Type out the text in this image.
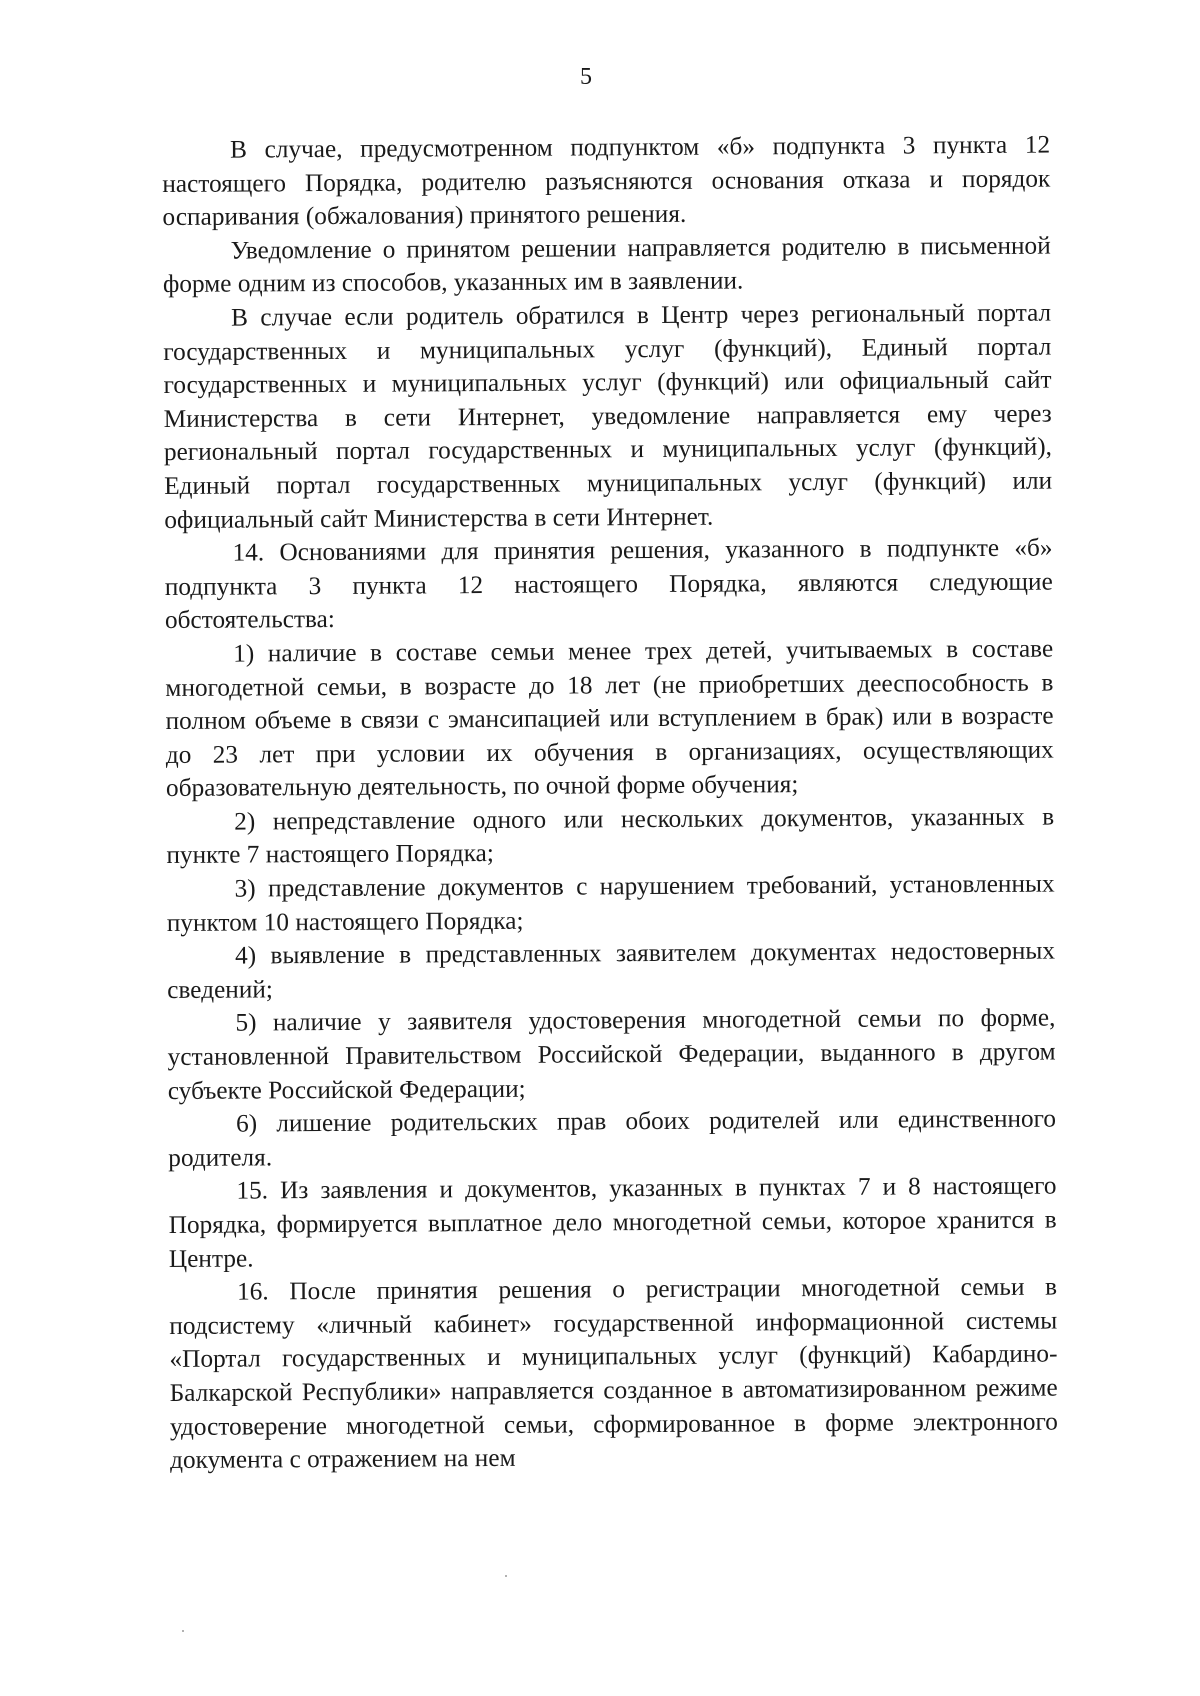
5

В случае, предусмотренном подпунктом «б» подпункта 3 пункта 12 настоящего Порядка, родителю разъясняются основания отказа и порядок оспаривания (обжалования) принятого решения.

Уведомление о принятом решении направляется родителю в письменной форме одним из способов, указанных им в заявлении.

В случае если родитель обратился в Центр через региональный портал государственных и муниципальных услуг (функций), Единый портал государственных и муниципальных услуг (функций) или официальный сайт Министерства в сети Интернет, уведомление направляется ему через региональный портал государственных и муниципальных услуг (функций), Единый портал государственных муниципальных услуг (функций) или официальный сайт Министерства в сети Интернет.

14. Основаниями для принятия решения, указанного в подпункте «б» подпункта 3 пункта 12 настоящего Порядка, являются следующие обстоятельства:

1) наличие в составе семьи менее трех детей, учитываемых в составе многодетной семьи, в возрасте до 18 лет (не приобретших дееспособность в полном объеме в связи с эмансипацией или вступлением в брак) или в возрасте до 23 лет при условии их обучения в организациях, осуществляющих образовательную деятельность, по очной форме обучения;

2) непредставление одного или нескольких документов, указанных в пункте 7 настоящего Порядка;

3) представление документов с нарушением требований, установленных пунктом 10 настоящего Порядка;

4) выявление в представленных заявителем документах недостоверных сведений;

5) наличие у заявителя удостоверения многодетной семьи по форме, установленной Правительством Российской Федерации, выданного в другом субъекте Российской Федерации;

6) лишение родительских прав обоих родителей или единственного родителя.

15. Из заявления и документов, указанных в пунктах 7 и 8 настоящего Порядка, формируется выплатное дело многодетной семьи, которое хранится в Центре.

16. После принятия решения о регистрации многодетной семьи в подсистему «личный кабинет» государственной информационной системы «Портал государственных и муниципальных услуг (функций) Кабардино-Балкарской Республики» направляется созданное в автоматизированном режиме удостоверение многодетной семьи, сформированное в форме электронного документа с отражением на нем
